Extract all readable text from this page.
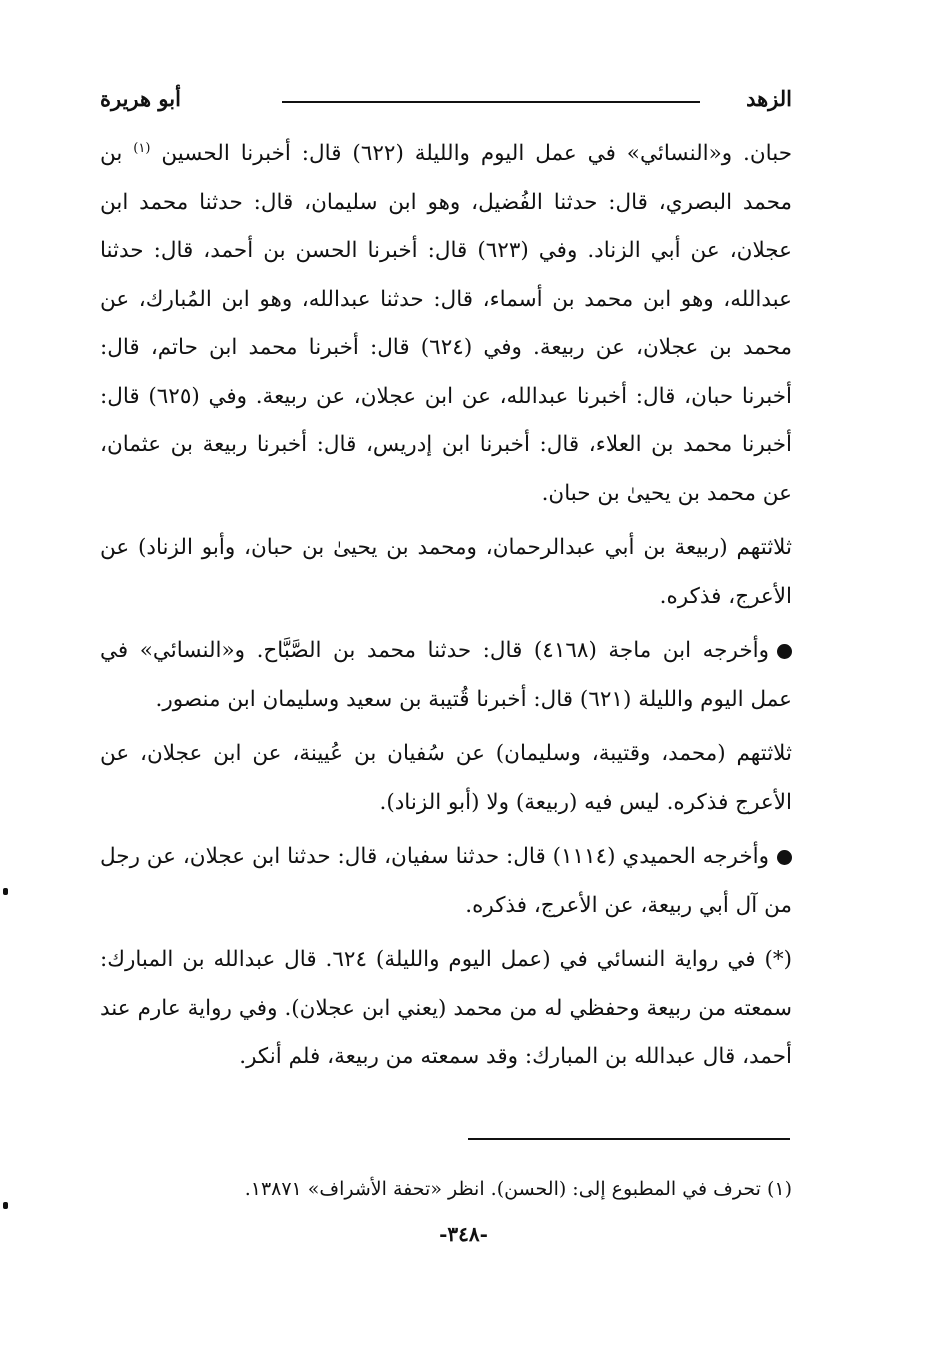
الزهد
أبو هريرة

حبان. و«النسائي» في عمل اليوم والليلة (٦٢٢) قال: أخبرنا الحسين $^{(١)}$ بن محمد البصري، قال: حدثنا الفُضيل، وهو ابن سليمان، قال: حدثنا محمد ابن عجلان، عن أبي الزناد. وفي (٦٢٣) قال: أخبرنا الحسن بن أحمد، قال: حدثنا عبدالله، وهو ابن محمد بن أسماء، قال: حدثنا عبدالله، وهو ابن المُبارك، عن محمد بن عجلان، عن ربيعة. وفي (٦٢٤) قال: أخبرنا محمد ابن حاتم، قال: أخبرنا حبان، قال: أخبرنا عبدالله، عن ابن عجلان، عن ربيعة. وفي (٦٢٥) قال: أخبرنا محمد بن العلاء، قال: أخبرنا ابن إدريس، قال: أخبرنا ربيعة بن عثمان، عن محمد بن يحيىٰ بن حبان.

ثلاثتهم (ربيعة بن أبي عبدالرحمان، ومحمد بن يحيىٰ بن حبان، وأبو الزناد) عن الأعرج، فذكره.

وأخرجه ابن ماجة (٤١٦٨) قال: حدثنا محمد بن الصَّبَّاح. و«النسائي» في عمل اليوم والليلة (٦٢١) قال: أخبرنا قُتيبة بن سعيد وسليمان ابن منصور.

ثلاثتهم (محمد، وقتيبة، وسليمان) عن سُفيان بن عُيينة، عن ابن عجلان، عن الأعرج فذكره. ليس فيه (ربيعة) ولا (أبو الزناد).

وأخرجه الحميدي (١١١٤) قال: حدثنا سفيان، قال: حدثنا ابن عجلان، عن رجل من آل أبي ربيعة، عن الأعرج، فذكره.

(*) في رواية النسائي في (عمل اليوم والليلة) ٦٢٤. قال عبدالله بن المبارك: سمعته من ربيعة وحفظي له من محمد (يعني ابن عجلان). وفي رواية عارم عند أحمد، قال عبدالله بن المبارك: وقد سمعته من ربيعة، فلم أنكر.

(١) تحرف في المطبوع إلى: (الحسن). انظر «تحفة الأشراف» ١٣٨٧١.
-٣٤٨-
